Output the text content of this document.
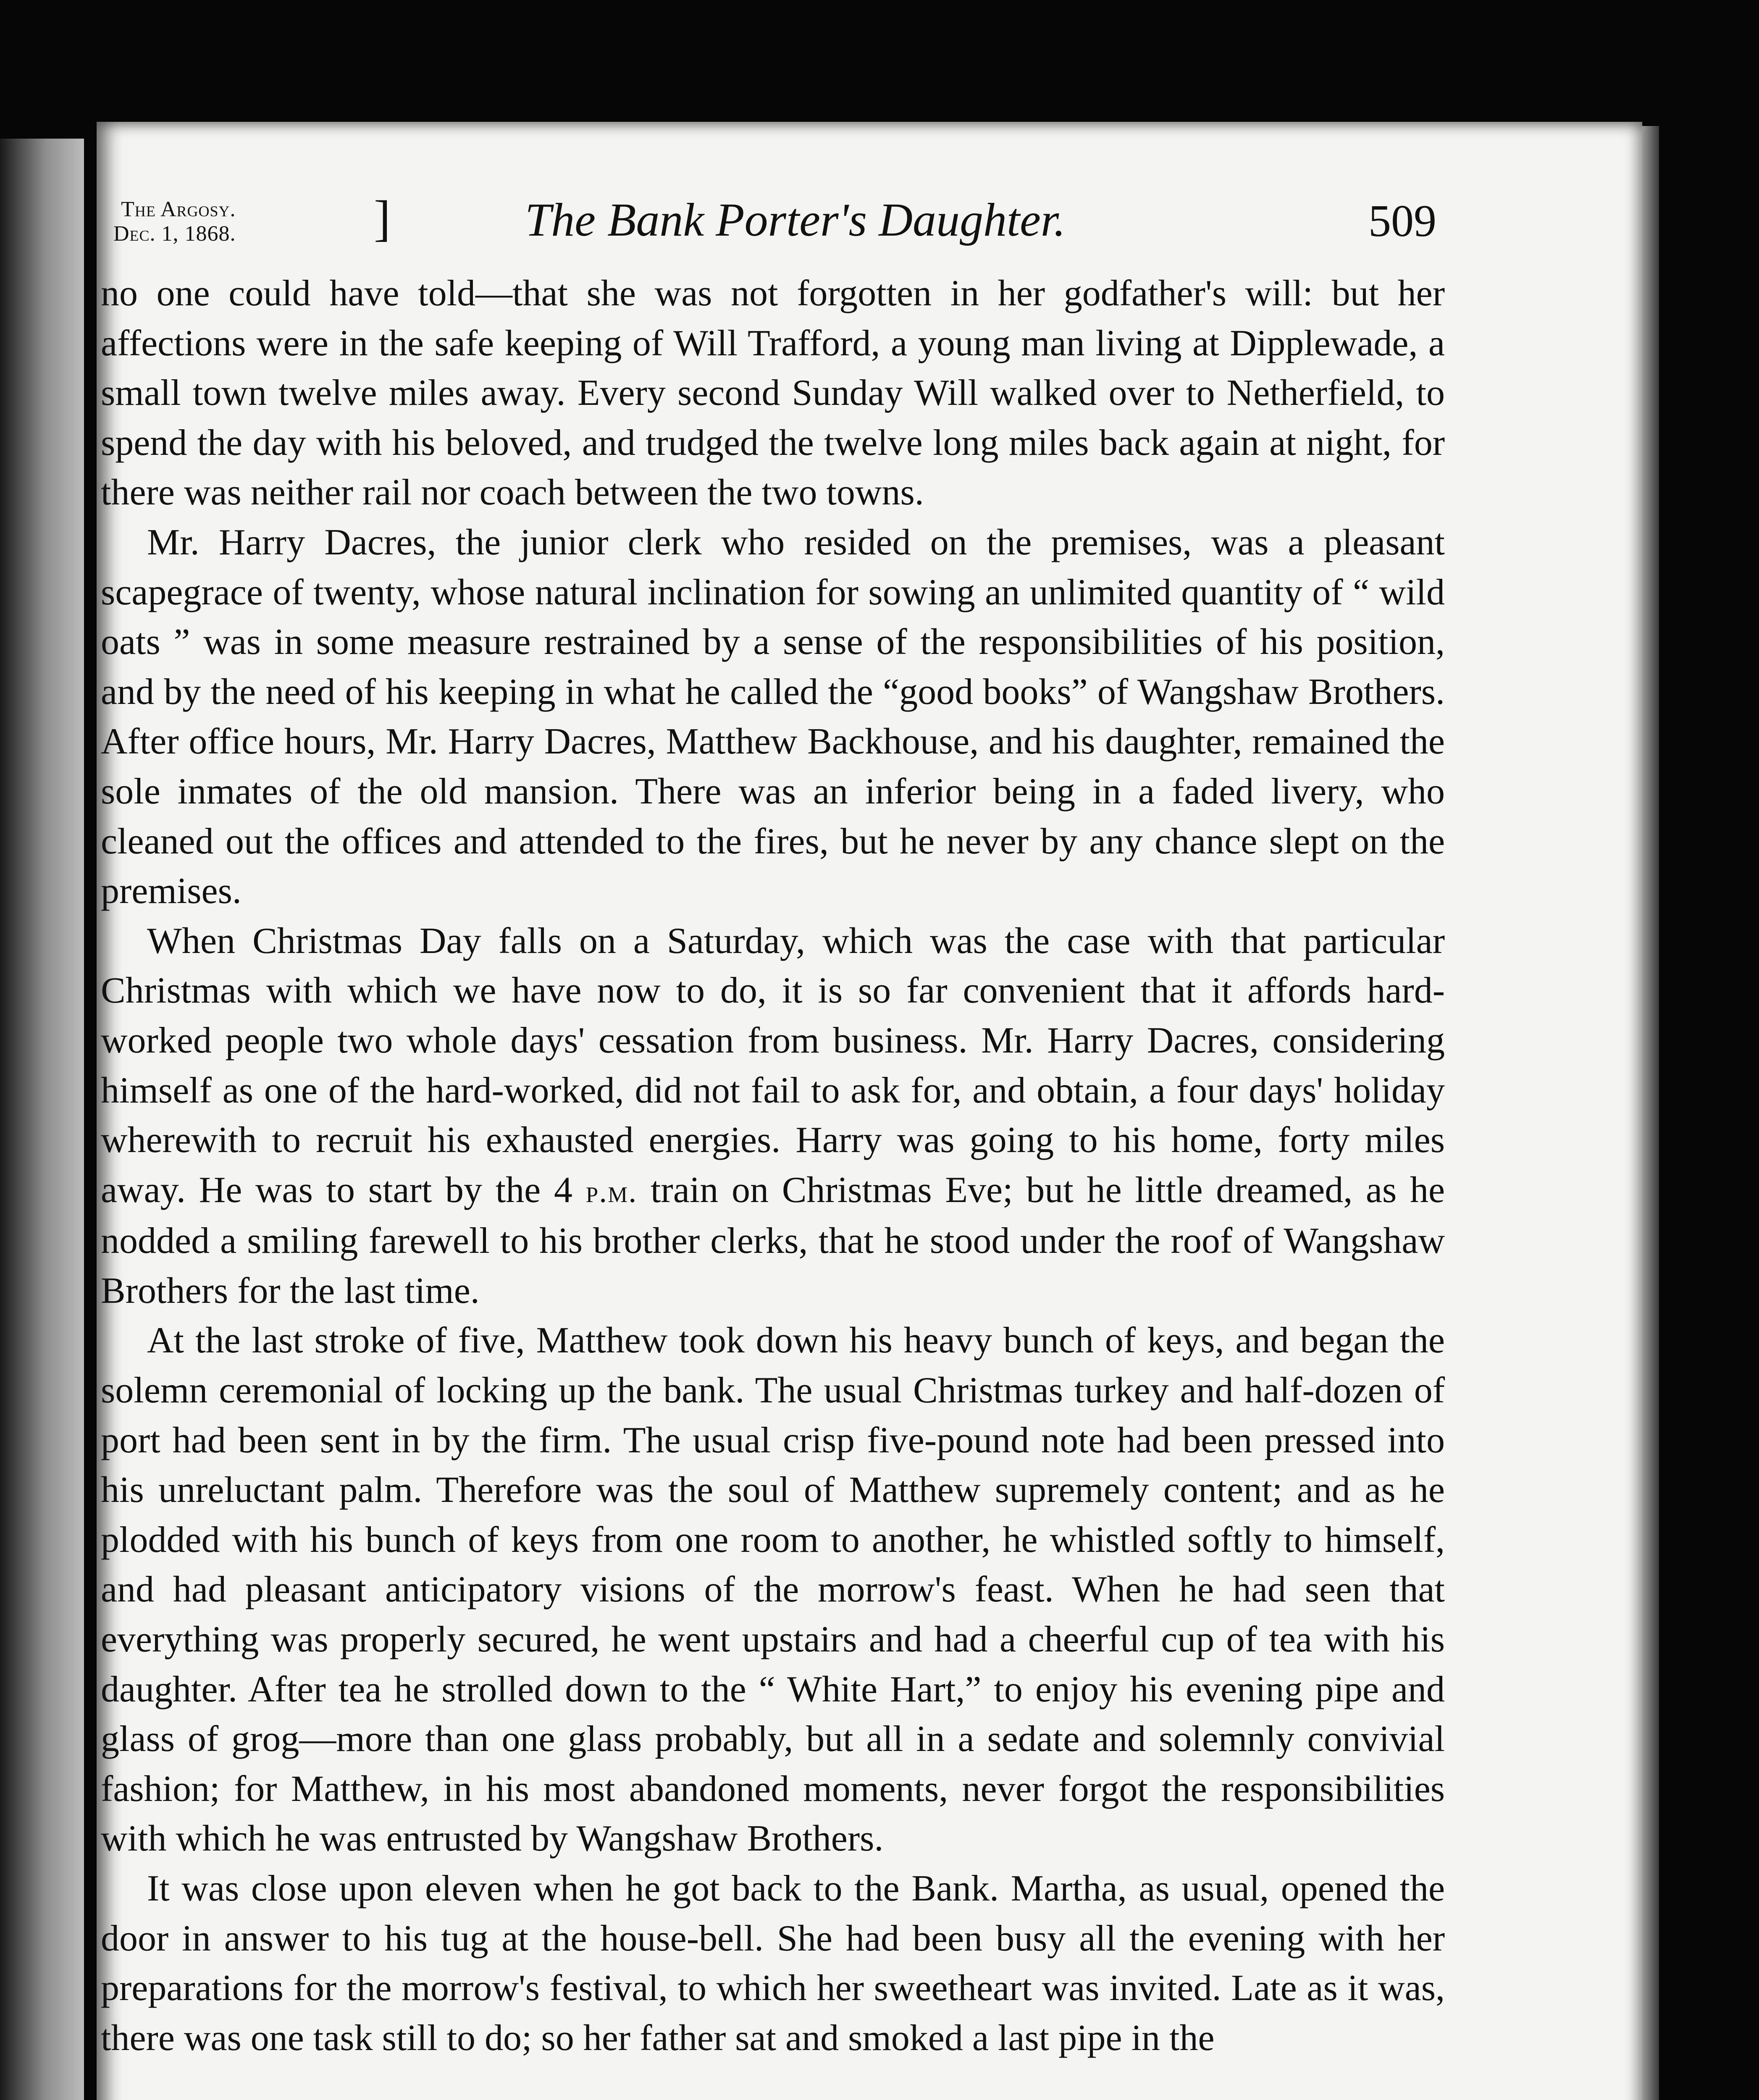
The Argosy.
Dec. 1, 1868.	]	The Bank Porter's Daughter.	509

no one could have told—that she was not forgotten in her godfather's will: but her affections were in the safe keeping of Will Trafford, a young man living at Dipplewade, a small town twelve miles away. Every second Sunday Will walked over to Netherfield, to spend the day with his beloved, and trudged the twelve long miles back again at night, for there was neither rail nor coach between the two towns.

Mr. Harry Dacres, the junior clerk who resided on the premises, was a pleasant scapegrace of twenty, whose natural inclination for sowing an unlimited quantity of “ wild oats ” was in some measure restrained by a sense of the responsibilities of his position, and by the need of his keeping in what he called the “good books” of Wangshaw Brothers. After office hours, Mr. Harry Dacres, Matthew Backhouse, and his daughter, remained the sole inmates of the old mansion. There was an inferior being in a faded livery, who cleaned out the offices and attended to the fires, but he never by any chance slept on the premises.

When Christmas Day falls on a Saturday, which was the case with that particular Christmas with which we have now to do, it is so far convenient that it affords hard-worked people two whole days' cessation from business. Mr. Harry Dacres, considering himself as one of the hard-worked, did not fail to ask for, and obtain, a four days' holiday wherewith to recruit his exhausted energies. Harry was going to his home, forty miles away. He was to start by the 4 p.m. train on Christmas Eve; but he little dreamed, as he nodded a smiling farewell to his brother clerks, that he stood under the roof of Wangshaw Brothers for the last time.

At the last stroke of five, Matthew took down his heavy bunch of keys, and began the solemn ceremonial of locking up the bank. The usual Christmas turkey and half-dozen of port had been sent in by the firm. The usual crisp five-pound note had been pressed into his unreluctant palm. Therefore was the soul of Matthew supremely content; and as he plodded with his bunch of keys from one room to another, he whistled softly to himself, and had pleasant anticipatory visions of the morrow's feast. When he had seen that everything was properly secured, he went upstairs and had a cheerful cup of tea with his daughter. After tea he strolled down to the “ White Hart,” to enjoy his evening pipe and glass of grog—more than one glass probably, but all in a sedate and solemnly convivial fashion; for Matthew, in his most abandoned moments, never forgot the responsibilities with which he was entrusted by Wangshaw Brothers.

It was close upon eleven when he got back to the Bank. Martha, as usual, opened the door in answer to his tug at the house-bell. She had been busy all the evening with her preparations for the morrow's festival, to which her sweetheart was invited. Late as it was, there was one task still to do; so her father sat and smoked a last pipe in the
